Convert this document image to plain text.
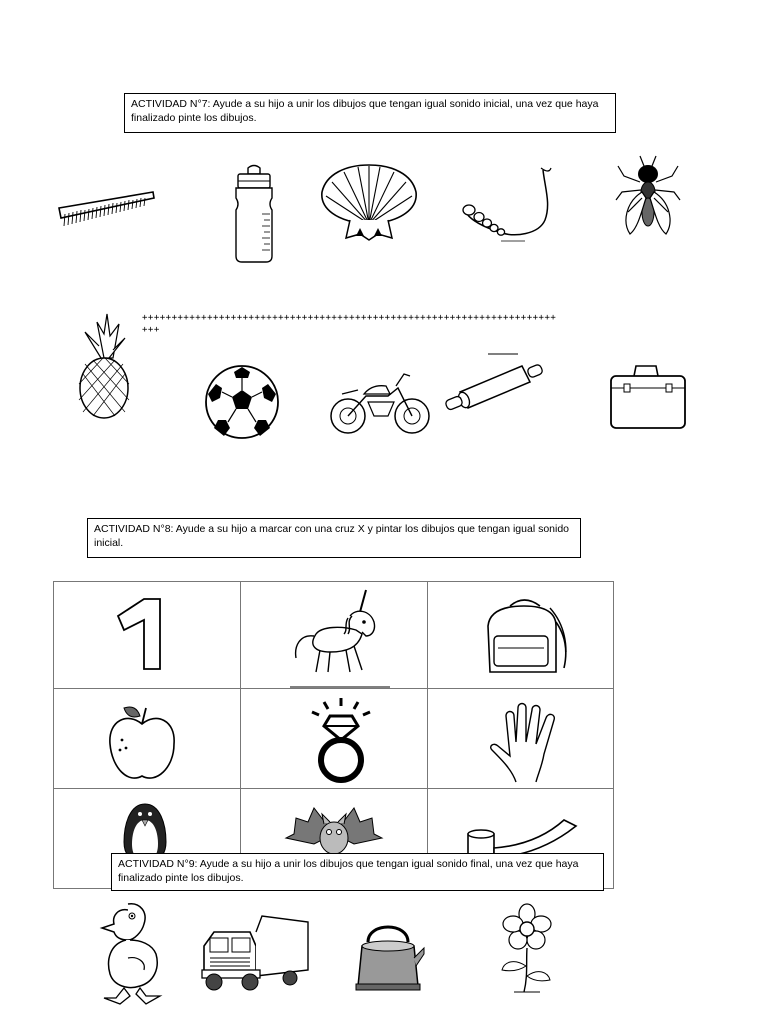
ACTIVIDAD N°7: Ayude a su hijo a unir los dibujos que tengan igual sonido inicial, una vez que haya finalizado pinte los dibujos.
++++++++++++++++++++++++++++++++++++++++++++++++++++++++++++++++++++++
+++
ACTIVIDAD N°8: Ayude a su hijo a marcar con una cruz X y pintar los dibujos que tengan igual sonido inicial.
ACTIVIDAD N°9: Ayude a su hijo a unir los dibujos que tengan igual sonido final, una vez que haya finalizado pinte los dibujos.
